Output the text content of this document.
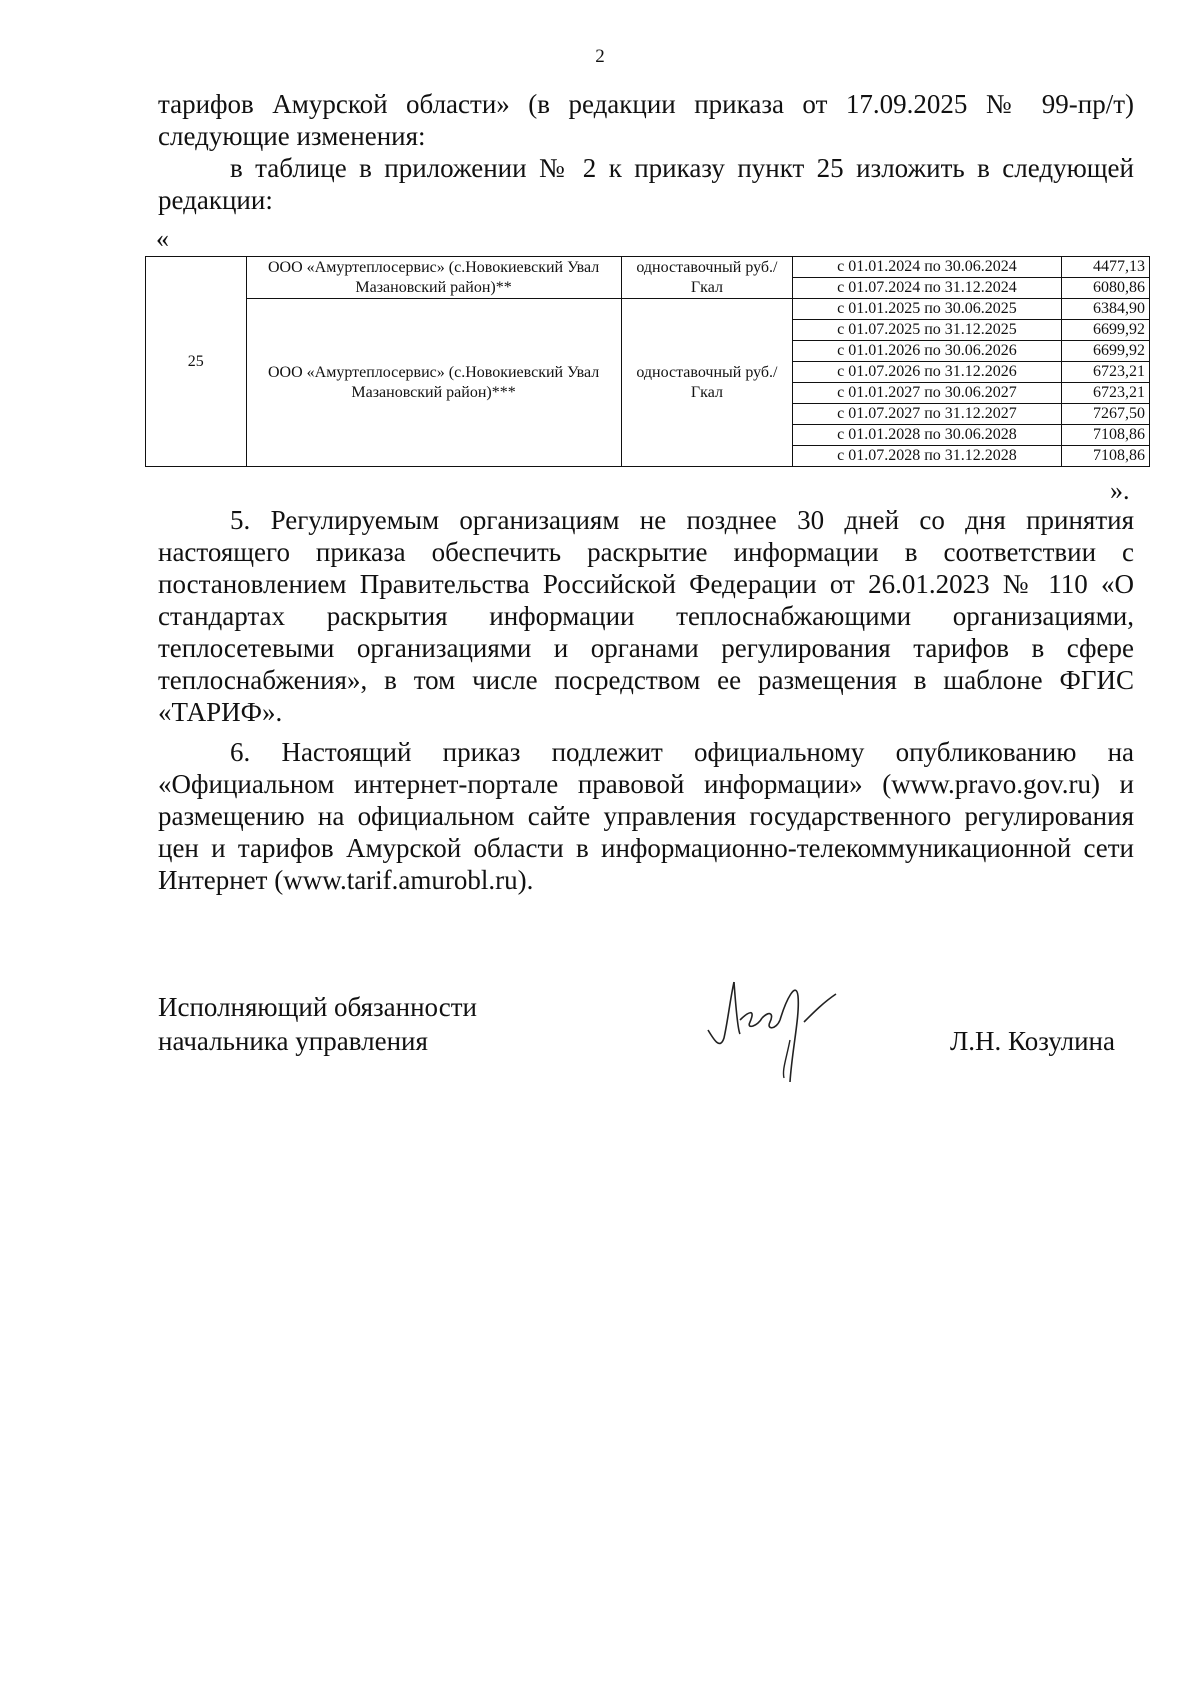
2
тарифов Амурской области» (в редакции приказа от 17.09.2025 № 99-пр/т) следующие изменения:
в таблице в приложении № 2 к приказу пункт 25 изложить в следующей редакции:
«
25	ООО «Амуртеплосервис» (с.Новокиевский Увал Мазановский район)**	одноставочный руб./Гкал	с 01.01.2024 по 30.06.2024	4477,13
			с 01.07.2024 по 31.12.2024	6080,86
	ООО «Амуртеплосервис» (с.Новокиевский Увал Мазановский район)***	одноставочный руб./Гкал	с 01.01.2025 по 30.06.2025	6384,90
			с 01.07.2025 по 31.12.2025	6699,92
			с 01.01.2026 по 30.06.2026	6699,92
			с 01.07.2026 по 31.12.2026	6723,21
			с 01.01.2027 по 30.06.2027	6723,21
			с 01.07.2027 по 31.12.2027	7267,50
			с 01.01.2028 по 30.06.2028	7108,86
			с 01.07.2028 по 31.12.2028	7108,86
».
5. Регулируемым организациям не позднее 30 дней со дня принятия настоящего приказа обеспечить раскрытие информации в соответствии с постановлением Правительства Российской Федерации от 26.01.2023 № 110 «О стандартах раскрытия информации теплоснабжающими организациями, теплосетевыми организациями и органами регулирования тарифов в сфере теплоснабжения», в том числе посредством ее размещения в шаблоне ФГИС «ТАРИФ».
6. Настоящий приказ подлежит официальному опубликованию на «Официальном интернет-портале правовой информации» (www.pravo.gov.ru) и размещению на официальном сайте управления государственного регулирования цен и тарифов Амурской области в информационно-телекоммуникационной сети Интернет (www.tarif.amurobl.ru).
Исполняющий обязанности
начальника управления	Л.Н. Козулина
